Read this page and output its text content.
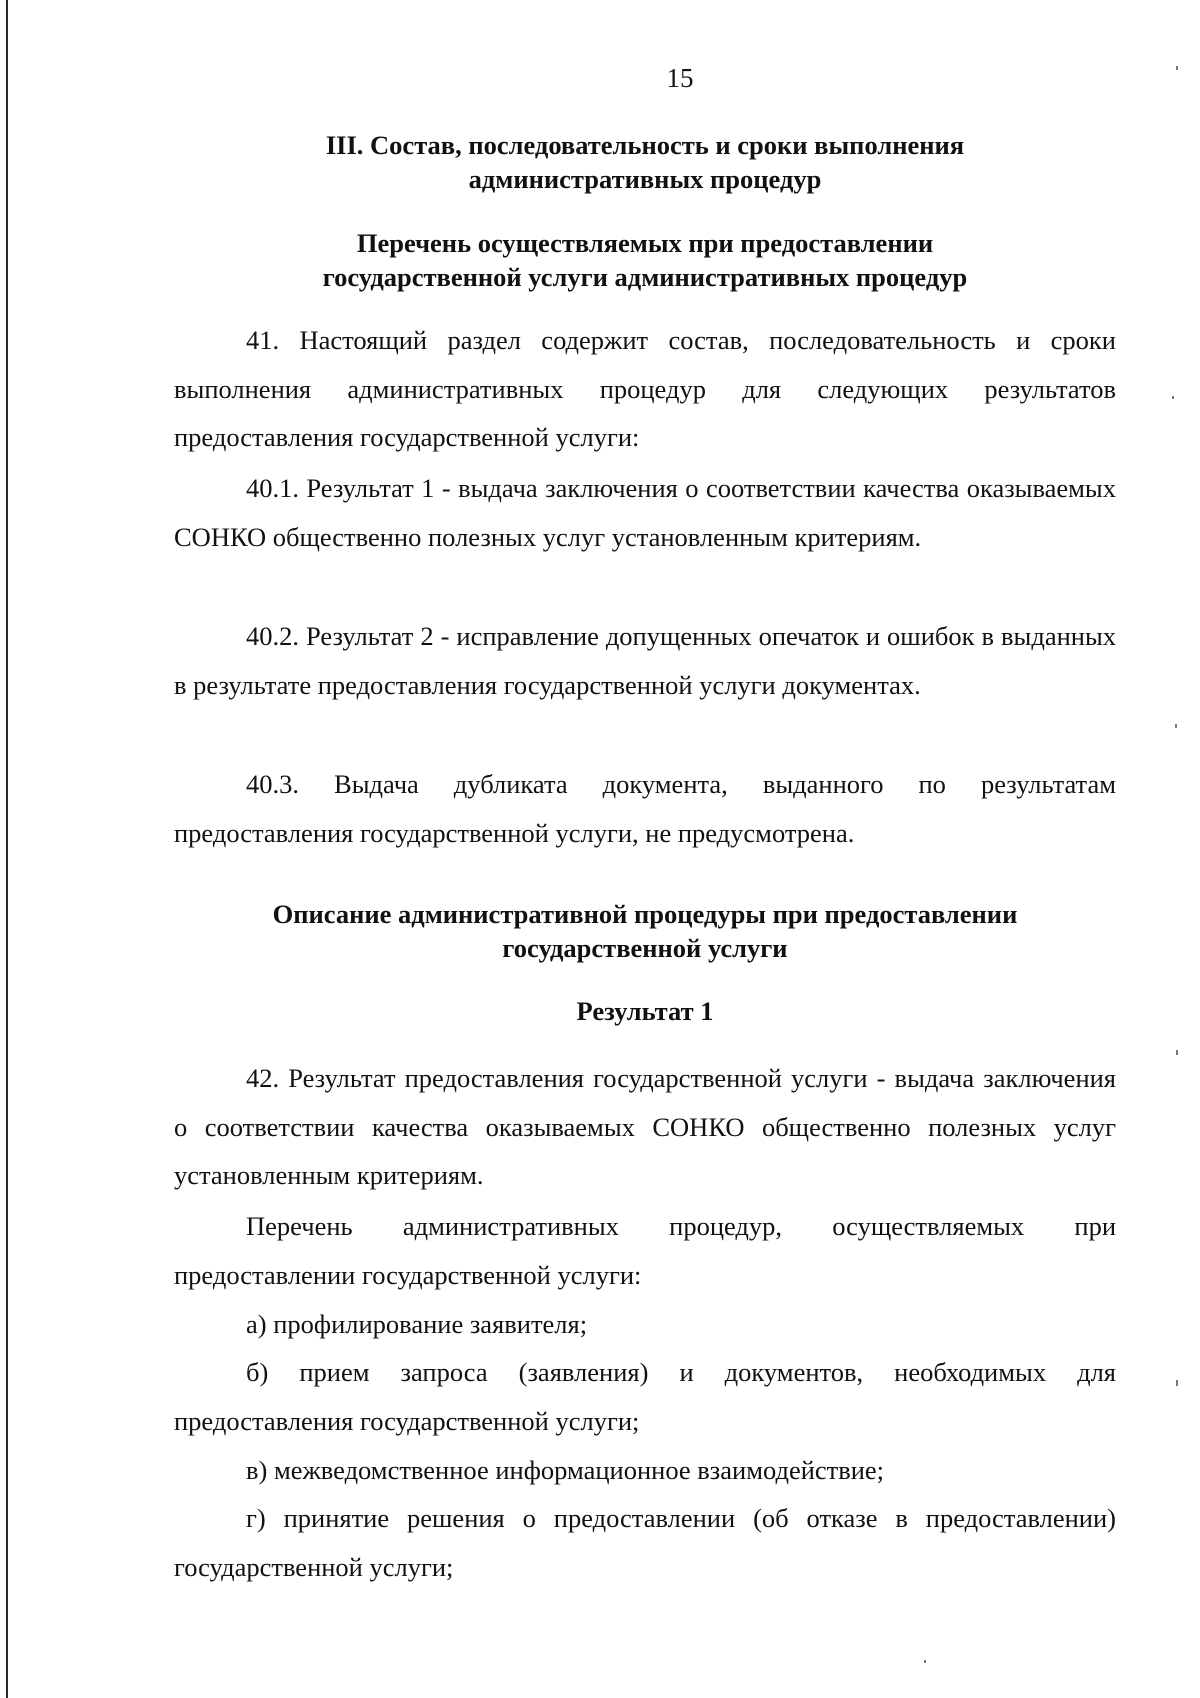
15
III. Состав, последовательность и сроки выполнения
административных процедур
Перечень осуществляемых при предоставлении
государственной услуги административных процедур

41. Настоящий раздел содержит состав, последовательность и сроки выполнения административных процедур для следующих результатов предоставления государственной услуги:

40.1. Результат 1 - выдача заключения о соответствии качества оказываемых СОНКО общественно полезных услуг установленным критериям.

40.2. Результат 2 - исправление допущенных опечаток и ошибок в выданных в результате предоставления государственной услуги документах.

40.3. Выдача дубликата документа, выданного по результатам предоставления государственной услуги, не предусмотрена.

Описание административной процедуры при предоставлении
государственной услуги
Результат 1

42. Результат предоставления государственной услуги - выдача заключения о соответствии качества оказываемых СОНКО общественно полезных услуг установленным критериям.

Перечень административных процедур, осуществляемых при предоставлении государственной услуги:

а) профилирование заявителя;

б) прием запроса (заявления) и документов, необходимых для предоставления государственной услуги;

в) межведомственное информационное взаимодействие;

г) принятие решения о предоставлении (об отказе в предоставлении) государственной услуги;
